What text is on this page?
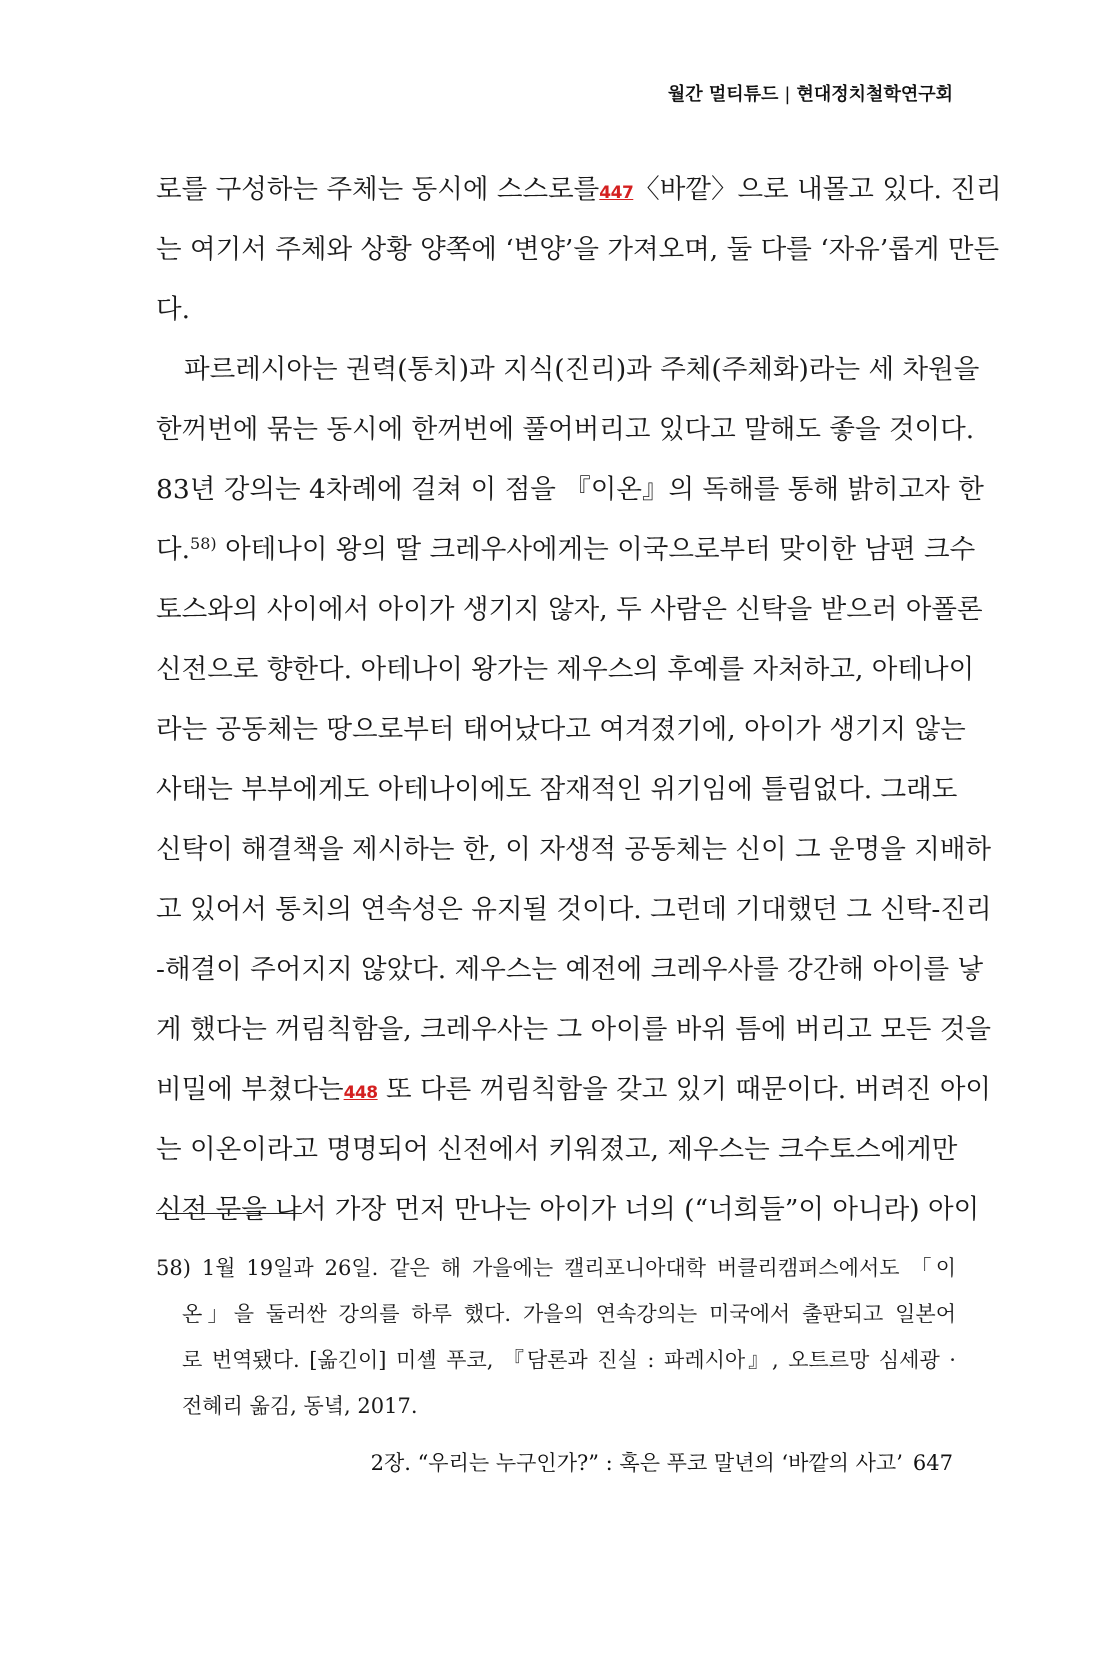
월간 멀티튜드 | 현대정치철학연구회
로를 구성하는 주체는 동시에 스스로를447〈바깥〉으로 내몰고 있다. 진리
는 여기서 주체와 상황 양쪽에 ‘변양’을 가져오며, 둘 다를 ‘자유’롭게 만든
다.
파르레시아는 권력(통치)과 지식(진리)과 주체(주체화)라는 세 차원을
한꺼번에 묶는 동시에 한꺼번에 풀어버리고 있다고 말해도 좋을 것이다.
83년 강의는 4차례에 걸쳐 이 점을 『이온』의 독해를 통해 밝히고자 한
다.$^{58)}$ 아테나이 왕의 딸 크레우사에게는 이국으로부터 맞이한 남편 크수
토스와의 사이에서 아이가 생기지 않자, 두 사람은 신탁을 받으러 아폴론
신전으로 향한다. 아테나이 왕가는 제우스의 후예를 자처하고, 아테나이
라는 공동체는 땅으로부터 태어났다고 여겨졌기에, 아이가 생기지 않는
사태는 부부에게도 아테나이에도 잠재적인 위기임에 틀림없다. 그래도
신탁이 해결책을 제시하는 한, 이 자생적 공동체는 신이 그 운명을 지배하
고 있어서 통치의 연속성은 유지될 것이다. 그런데 기대했던 그 신탁-진리
-해결이 주어지지 않았다. 제우스는 예전에 크레우사를 강간해 아이를 낳
게 했다는 꺼림칙함을, 크레우사는 그 아이를 바위 틈에 버리고 모든 것을
비밀에 부쳤다는448 또 다른 꺼림칙함을 갖고 있기 때문이다. 버려진 아이
는 이온이라고 명명되어 신전에서 키워졌고, 제우스는 크수토스에게만
신전 문을 나서 가장 먼저 만나는 아이가 너의 (“너희들”이 아니라) 아이
58) 1월 19일과 26일. 같은 해 가을에는 캘리포니아대학 버클리캠퍼스에서도 「이
온」을 둘러싼 강의를 하루 했다. 가을의 연속강의는 미국에서 출판되고 일본어
로 번역됐다. [옮긴이] 미셸 푸코, 『담론과 진실 : 파레시아』, 오트르망 심세광 ·
전혜리 옮김, 동녘, 2017.
2장. “우리는 누구인가?” : 혹은 푸코 말년의 ‘바깥의 사고’ 647
